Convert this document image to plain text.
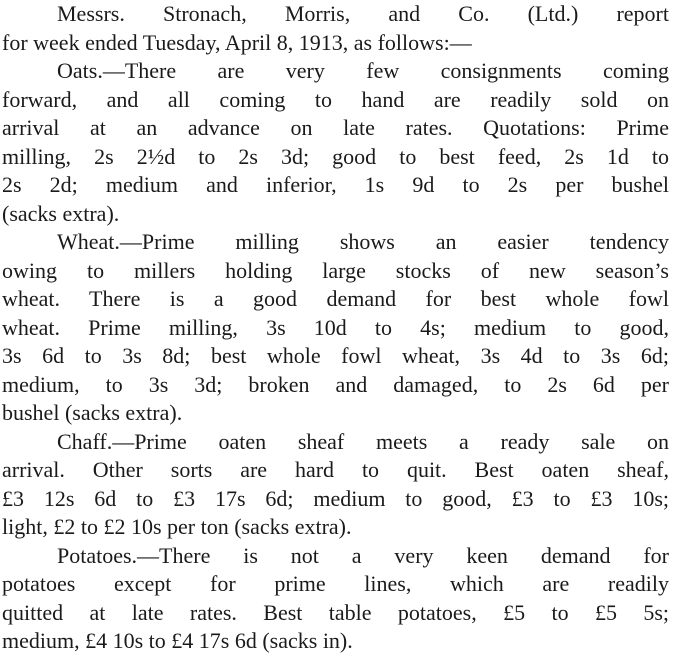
Messrs. Stronach, Morris, and Co. (Ltd.) report
for week ended Tuesday, April 8, 1913, as follows:—
Oats.—There are very few consignments coming
forward, and all coming to hand are readily sold on
arrival at an advance on late rates. Quotations: Prime
milling, 2s 2½d to 2s 3d; good to best feed, 2s 1d to
2s 2d; medium and inferior, 1s 9d to 2s per bushel
(sacks extra).
Wheat.—Prime milling shows an easier tendency
owing to millers holding large stocks of new season’s
wheat. There is a good demand for best whole fowl
wheat. Prime milling, 3s 10d to 4s; medium to good,
3s 6d to 3s 8d; best whole fowl wheat, 3s 4d to 3s 6d;
medium, to 3s 3d; broken and damaged, to 2s 6d per
bushel (sacks extra).
Chaff.—Prime oaten sheaf meets a ready sale on
arrival. Other sorts are hard to quit. Best oaten sheaf,
£3 12s 6d to £3 17s 6d; medium to good, £3 to £3 10s;
light, £2 to £2 10s per ton (sacks extra).
Potatoes.—There is not a very keen demand for
potatoes except for prime lines, which are readily
quitted at late rates. Best table potatoes, £5 to £5 5s;
medium, £4 10s to £4 17s 6d (sacks in).
